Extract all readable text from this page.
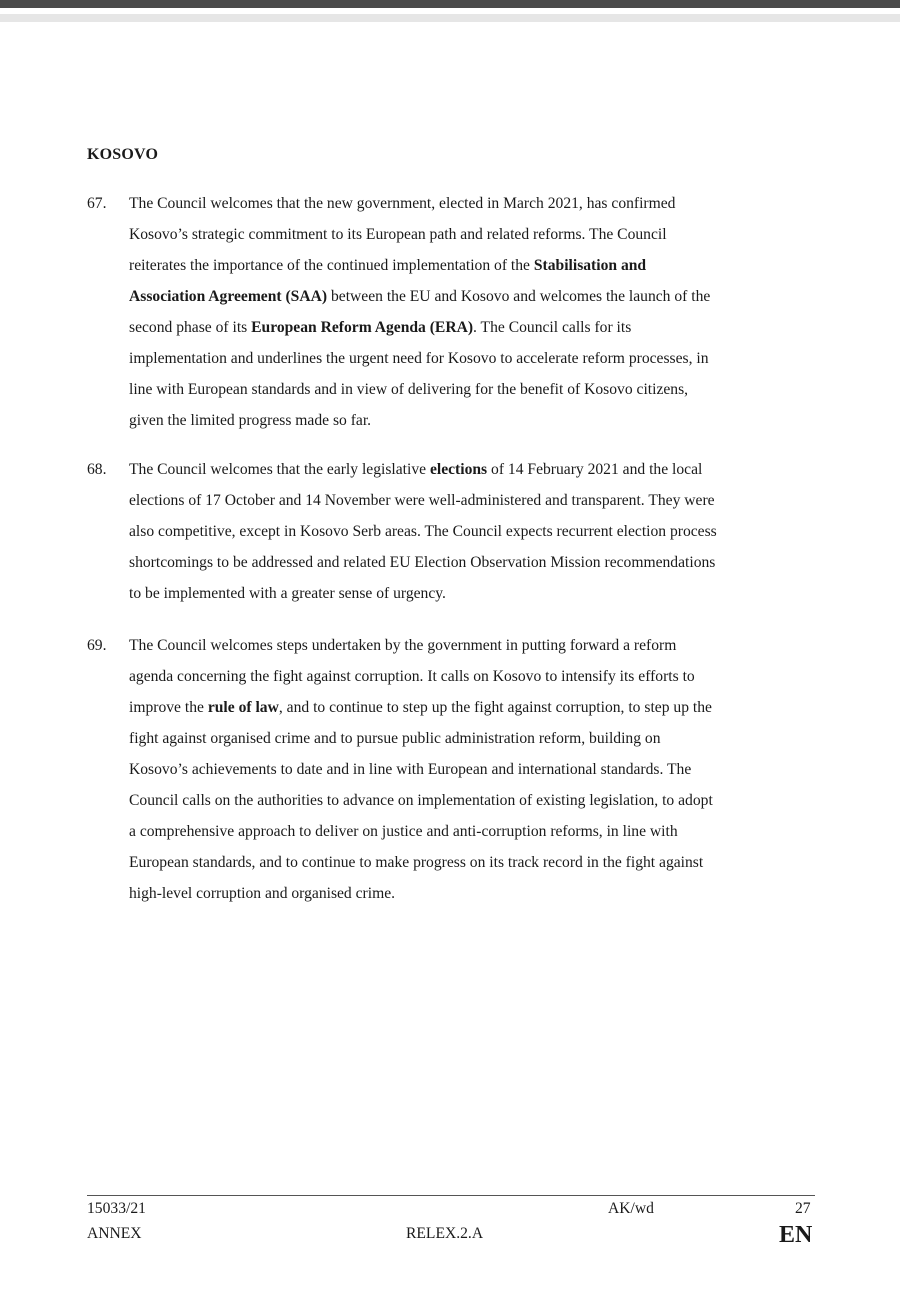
KOSOVO
67.	The Council welcomes that the new government, elected in March 2021, has confirmed
Kosovo’s strategic commitment to its European path and related reforms. The Council
reiterates the importance of the continued implementation of the Stabilisation and
Association Agreement (SAA) between the EU and Kosovo and welcomes the launch of the
second phase of its European Reform Agenda (ERA). The Council calls for its
implementation and underlines the urgent need for Kosovo to accelerate reform processes, in
line with European standards and in view of delivering for the benefit of Kosovo citizens,
given the limited progress made so far.
68.	The Council welcomes that the early legislative elections of 14 February 2021 and the local
elections of 17 October and 14 November were well-administered and transparent. They were
also competitive, except in Kosovo Serb areas. The Council expects recurrent election process
shortcomings to be addressed and related EU Election Observation Mission recommendations
to be implemented with a greater sense of urgency.
69.	The Council welcomes steps undertaken by the government in putting forward a reform
agenda concerning the fight against corruption. It calls on Kosovo to intensify its efforts to
improve the rule of law, and to continue to step up the fight against corruption, to step up the
fight against organised crime and to pursue public administration reform, building on
Kosovo’s achievements to date and in line with European and international standards. The
Council calls on the authorities to advance on implementation of existing legislation, to adopt
a comprehensive approach to deliver on justice and anti-corruption reforms, in line with
European standards, and to continue to make progress on its track record in the fight against
high-level corruption and organised crime.
15033/21
ANNEX
AK/wd
RELEX.2.A
27
EN
